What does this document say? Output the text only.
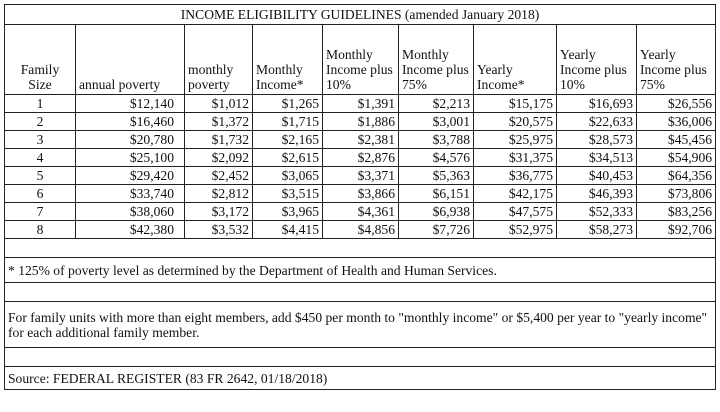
INCOME ELIGIBILITY GUIDELINES (amended January 2018)								
Family Size	annual poverty	monthly poverty	Monthly Income*	Monthly Income plus 10%	Monthly Income plus 75%	Yearly Income*	Yearly Income plus 10%	Yearly Income plus 75%
1	$12,140	$1,012	$1,265	$1,391	$2,213	$15,175	$16,693	$26,556
2	$16,460	$1,372	$1,715	$1,886	$3,001	$20,575	$22,633	$36,006
3	$20,780	$1,732	$2,165	$2,381	$3,788	$25,975	$28,573	$45,456
4	$25,100	$2,092	$2,615	$2,876	$4,576	$31,375	$34,513	$54,906
5	$29,420	$2,452	$3,065	$3,371	$5,363	$36,775	$40,453	$64,356
6	$33,740	$2,812	$3,515	$3,866	$6,151	$42,175	$46,393	$73,806
7	$38,060	$3,172	$3,965	$4,361	$6,938	$47,575	$52,333	$83,256
8	$42,380	$3,532	$4,415	$4,856	$7,726	$52,975	$58,273	$92,706

* 125% of poverty level as determined by the Department of Health and Human Services.								

For family units with more than eight members, add $450 per month to "monthly income" or $5,400 per year to "yearly income" for each additional family member.								

Source: FEDERAL REGISTER (83 FR 2642, 01/18/2018)								
